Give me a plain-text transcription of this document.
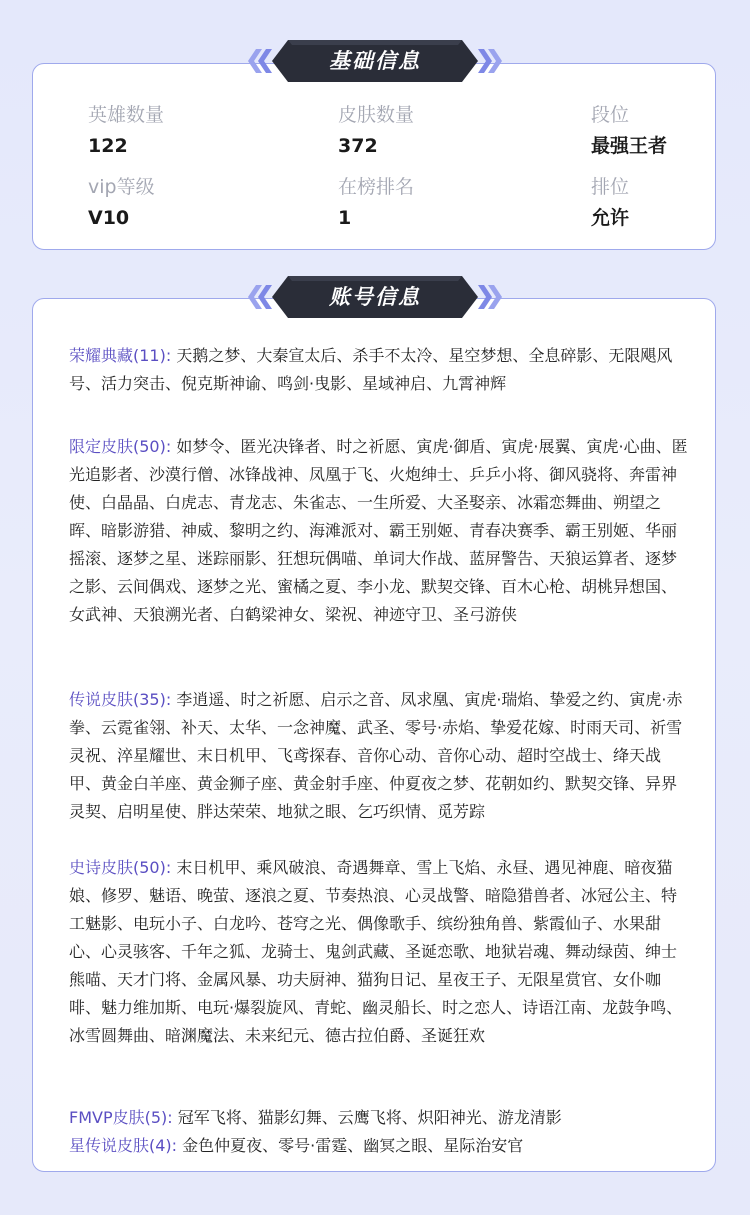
英雄数量
122
皮肤数量
372
段位
最强王者
vip等级
V10
在榜排名
1
排位
允许
基础信息

荣耀典藏(11): 天鹅之梦、大秦宣太后、杀手不太冷、星空梦想、全息碎影、无限飓风号、活力突击、倪克斯神谕、鸣剑·曳影、星域神启、九霄神辉

限定皮肤(50): 如梦令、匿光决锋者、时之祈愿、寅虎·御盾、寅虎·展翼、寅虎·心曲、匿光追影者、沙漠行僧、冰锋战神、凤凰于飞、火炮绅士、乒乒小将、御风骁将、奔雷神使、白晶晶、白虎志、青龙志、朱雀志、一生所爱、大圣娶亲、冰霜恋舞曲、朔望之晖、暗影游猎、神威、黎明之约、海滩派对、霸王别姬、青春决赛季、霸王别姬、华丽摇滚、逐梦之星、迷踪丽影、狂想玩偶喵、单词大作战、蓝屏警告、天狼运算者、逐梦之影、云间偶戏、逐梦之光、蜜橘之夏、李小龙、默契交锋、百木心枪、胡桃异想国、女武神、天狼溯光者、白鹤梁神女、梁祝、神迹守卫、圣弓游侠

传说皮肤(35): 李逍遥、时之祈愿、启示之音、凤求凰、寅虎·瑞焰、挚爱之约、寅虎·赤拳、云霓雀翎、补天、太华、一念神魔、武圣、零号·赤焰、挚爱花嫁、时雨天司、祈雪灵祝、淬星耀世、末日机甲、飞鸢探春、音你心动、音你心动、超时空战士、绛天战甲、黄金白羊座、黄金狮子座、黄金射手座、仲夏夜之梦、花朝如约、默契交锋、异界灵契、启明星使、胖达荣荣、地狱之眼、乞巧织情、觅芳踪

史诗皮肤(50): 末日机甲、乘风破浪、奇遇舞章、雪上飞焰、永昼、遇见神鹿、暗夜猫娘、修罗、魅语、晚萤、逐浪之夏、节奏热浪、心灵战警、暗隐猎兽者、冰冠公主、特工魅影、电玩小子、白龙吟、苍穹之光、偶像歌手、缤纷独角兽、紫霞仙子、水果甜心、心灵骇客、千年之狐、龙骑士、鬼剑武藏、圣诞恋歌、地狱岩魂、舞动绿茵、绅士熊喵、天才门将、金属风暴、功夫厨神、猫狗日记、星夜王子、无限星赏官、女仆咖啡、魅力维加斯、电玩·爆裂旋风、青蛇、幽灵船长、时之恋人、诗语江南、龙鼓争鸣、冰雪圆舞曲、暗渊魔法、未来纪元、德古拉伯爵、圣诞狂欢

FMVP皮肤(5): 冠军飞将、猫影幻舞、云鹰飞将、炽阳神光、游龙清影

星传说皮肤(4): 金色仲夏夜、零号·雷霆、幽冥之眼、星际治安官

账号信息
